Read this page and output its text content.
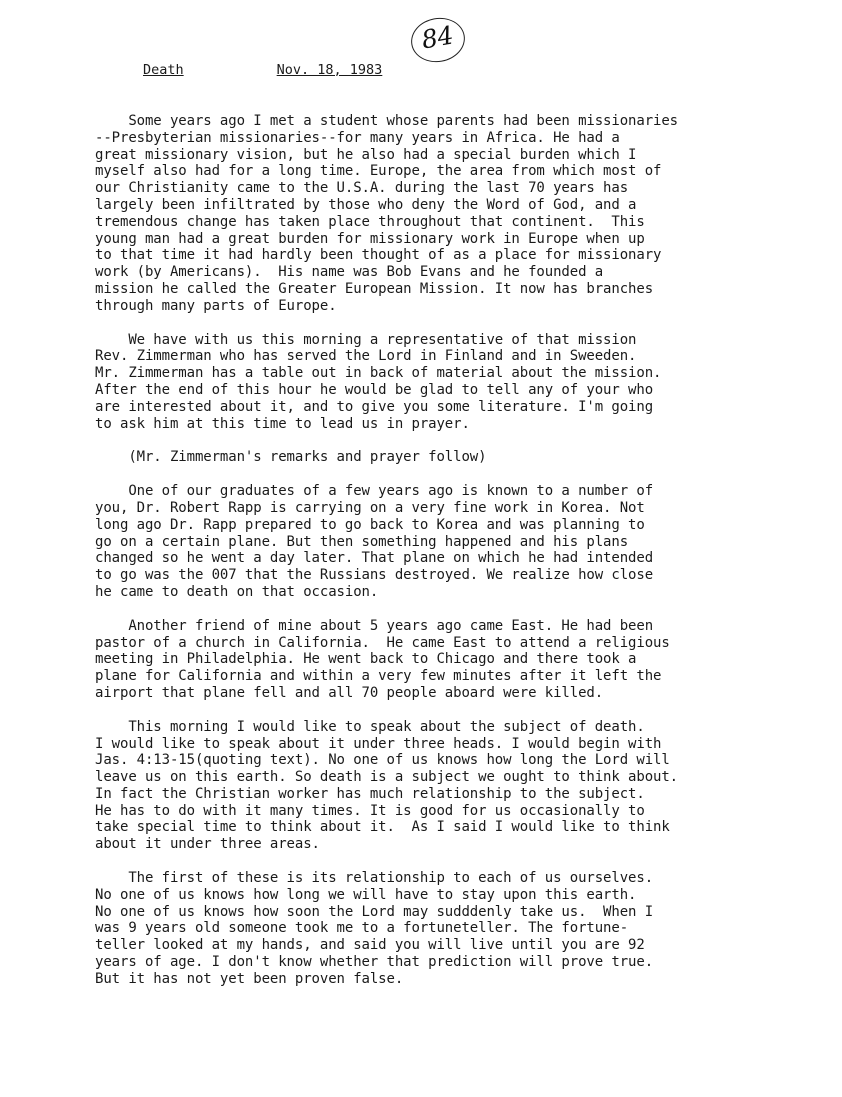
84
Death	Nov. 18, 1983

Some years ago I met a student whose parents had been missionaries
--Presbyterian missionaries--for many years in Africa. He had a
great missionary vision, but he also had a special burden which I
myself also had for a long time. Europe, the area from which most of
our Christianity came to the U.S.A. during the last 70 years has
largely been infiltrated by those who deny the Word of God, and a
tremendous change has taken place throughout that continent.  This
young man had a great burden for missionary work in Europe when up
to that time it had hardly been thought of as a place for missionary
work (by Americans).  His name was Bob Evans and he founded a
mission he called the Greater European Mission. It now has branches
through many parts of Europe.

We have with us this morning a representative of that mission
Rev. Zimmerman who has served the Lord in Finland and in Sweeden.
Mr. Zimmerman has a table out in back of material about the mission.
After the end of this hour he would be glad to tell any of your who
are interested about it, and to give you some literature. I'm going
to ask him at this time to lead us in prayer.

(Mr. Zimmerman's remarks and prayer follow)

One of our graduates of a few years ago is known to a number of
you, Dr. Robert Rapp is carrying on a very fine work in Korea. Not
long ago Dr. Rapp prepared to go back to Korea and was planning to
go on a certain plane. But then something happened and his plans
changed so he went a day later. That plane on which he had intended
to go was the 007 that the Russians destroyed. We realize how close
he came to death on that occasion.

Another friend of mine about 5 years ago came East. He had been
pastor of a church in California.  He came East to attend a religious
meeting in Philadelphia. He went back to Chicago and there took a
plane for California and within a very few minutes after it left the
airport that plane fell and all 70 people aboard were killed.

This morning I would like to speak about the subject of death.
I would like to speak about it under three heads. I would begin with
Jas. 4:13-15(quoting text). No one of us knows how long the Lord will
leave us on this earth. So death is a subject we ought to think about.
In fact the Christian worker has much relationship to the subject.
He has to do with it many times. It is good for us occasionally to
take special time to think about it.  As I said I would like to think
about it under three areas.

The first of these is its relationship to each of us ourselves.
No one of us knows how long we will have to stay upon this earth.
No one of us knows how soon the Lord may sudddenly take us.  When I
was 9 years old someone took me to a fortuneteller. The fortune-
teller looked at my hands, and said you will live until you are 92
years of age. I don't know whether that prediction will prove true.
But it has not yet been proven false.
